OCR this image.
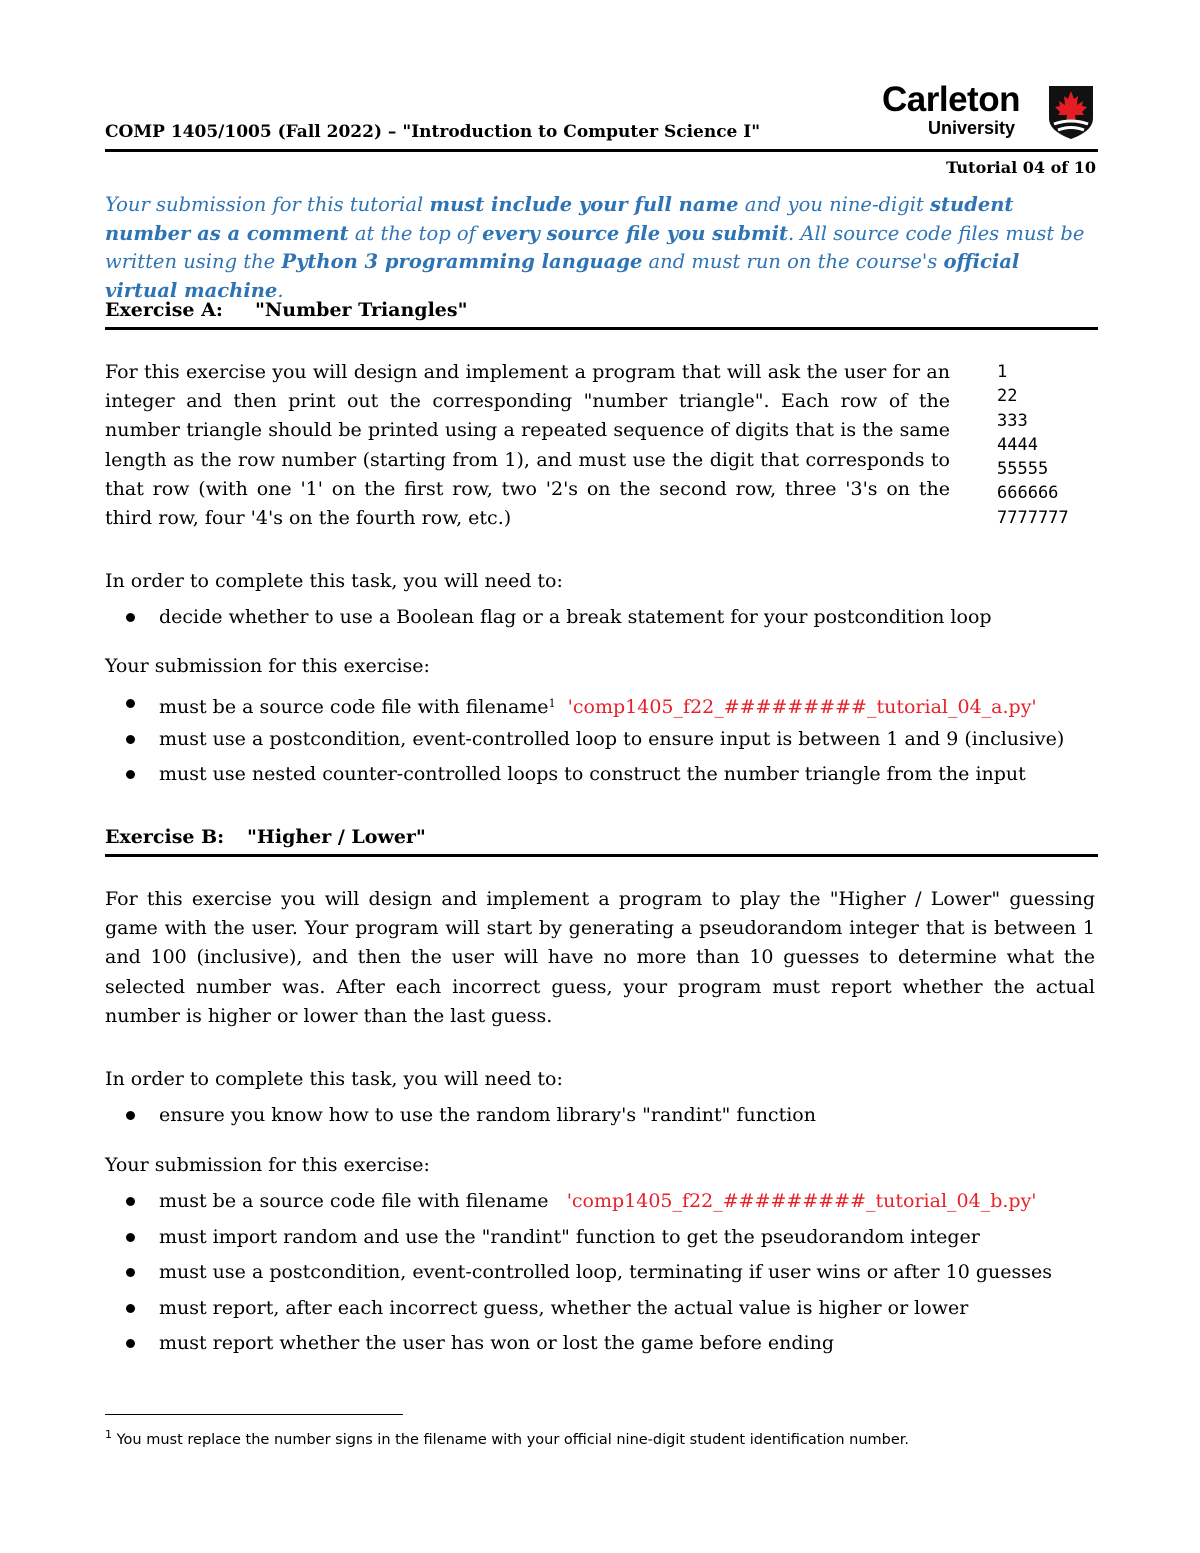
COMP 1405/1005 (Fall 2022) – "Introduction to Computer Science I"
Carleton
University
Tutorial 04 of 10
Your submission for this tutorial must include your full name and you nine-digit student number as a comment at the top of every source file you submit. All source code files must be written using the Python 3 programming language and must run on the course's official virtual machine.
Exercise A: "Number Triangles"
For this exercise you will design and implement a program that will ask the user for an integer and then print out the corresponding "number triangle". Each row of the number triangle should be printed using a repeated sequence of digits that is the same length as the row number (starting from 1), and must use the digit that corresponds to that row (with one '1' on the first row, two '2's on the second row, three '3's on the third row, four '4's on the fourth row, etc.)
1
22
333
4444
55555
666666
7777777
In order to complete this task, you will need to:
decide whether to use a Boolean flag or a break statement for your postcondition loop
Your submission for this exercise:
must be a source code file with filename$^1$ 'comp1405_f22_#########_tutorial_04_a.py'
must use a postcondition, event-controlled loop to ensure input is between 1 and 9 (inclusive)
must use nested counter-controlled loops to construct the number triangle from the input
Exercise B: "Higher / Lower"
For this exercise you will design and implement a program to play the "Higher / Lower" guessing game with the user. Your program will start by generating a pseudorandom integer that is between 1 and 100 (inclusive), and then the user will have no more than 10 guesses to determine what the selected number was. After each incorrect guess, your program must report whether the actual number is higher or lower than the last guess.
In order to complete this task, you will need to:
ensure you know how to use the random library's "randint" function
Your submission for this exercise:
must be a source code file with filename 'comp1405_f22_#########_tutorial_04_b.py'
must import random and use the "randint" function to get the pseudorandom integer
must use a postcondition, event-controlled loop, terminating if user wins or after 10 guesses
must report, after each incorrect guess, whether the actual value is higher or lower
must report whether the user has won or lost the game before ending
$^1$ You must replace the number signs in the filename with your official nine-digit student identification number.
